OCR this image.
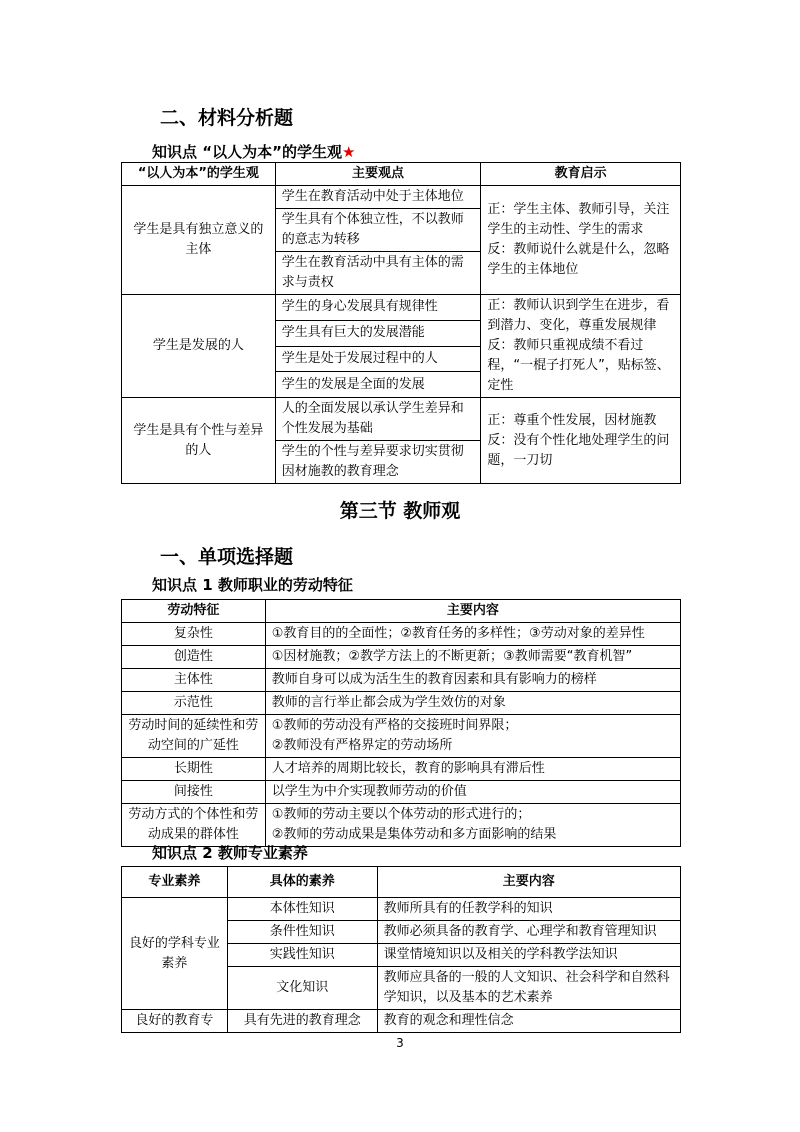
二、材料分析题
知识点 “以人为本”的学生观★
“以人为本”的学生观	主要观点	教育启示
学生是具有独立意义的主体	学生在教育活动中处于主体地位	正：学生主体、教师引导，关注学生的主动性、学生的需求
反：教师说什么就是什么，忽略学生的主体地位
	学生具有个体独立性，不以教师的意志为转移	
	学生在教育活动中具有主体的需求与责权	
学生是发展的人	学生的身心发展具有规律性	正：教师认识到学生在进步，看到潜力、变化，尊重发展规律
反：教师只重视成绩不看过程，“一棍子打死人”，贴标签、定性
	学生具有巨大的发展潜能	
	学生是处于发展过程中的人	
	学生的发展是全面的发展	
学生是具有个性与差异的人	人的全面发展以承认学生差异和个性发展为基础	正：尊重个性发展，因材施教
反：没有个性化地处理学生的问题，一刀切
	学生的个性与差异要求切实贯彻因材施教的教育理念	
第三节 教师观
一、单项选择题
知识点 1 教师职业的劳动特征
劳动特征	主要内容
复杂性	①教育目的的全面性；②教育任务的多样性；③劳动对象的差异性
创造性	①因材施教；②教学方法上的不断更新；③教师需要“教育机智”
主体性	教师自身可以成为活生生的教育因素和具有影响力的榜样
示范性	教师的言行举止都会成为学生效仿的对象
劳动时间的延续性和劳动空间的广延性	①教师的劳动没有严格的交接班时间界限；
②教师没有严格界定的劳动场所
长期性	人才培养的周期比较长，教育的影响具有滞后性
间接性	以学生为中介实现教师劳动的价值
劳动方式的个体性和劳动成果的群体性	①教师的劳动主要以个体劳动的形式进行的；
②教师的劳动成果是集体劳动和多方面影响的结果
知识点 2 教师专业素养
专业素养	具体的素养	主要内容
良好的学科专业素养	本体性知识	教师所具有的任教学科的知识
	条件性知识	教师必须具备的教育学、心理学和教育管理知识
	实践性知识	课堂情境知识以及相关的学科教学法知识
	文化知识	教师应具备的一般的人文知识、社会科学和自然科学知识，以及基本的艺术素养
良好的教育专	具有先进的教育理念	教育的观念和理性信念
3
